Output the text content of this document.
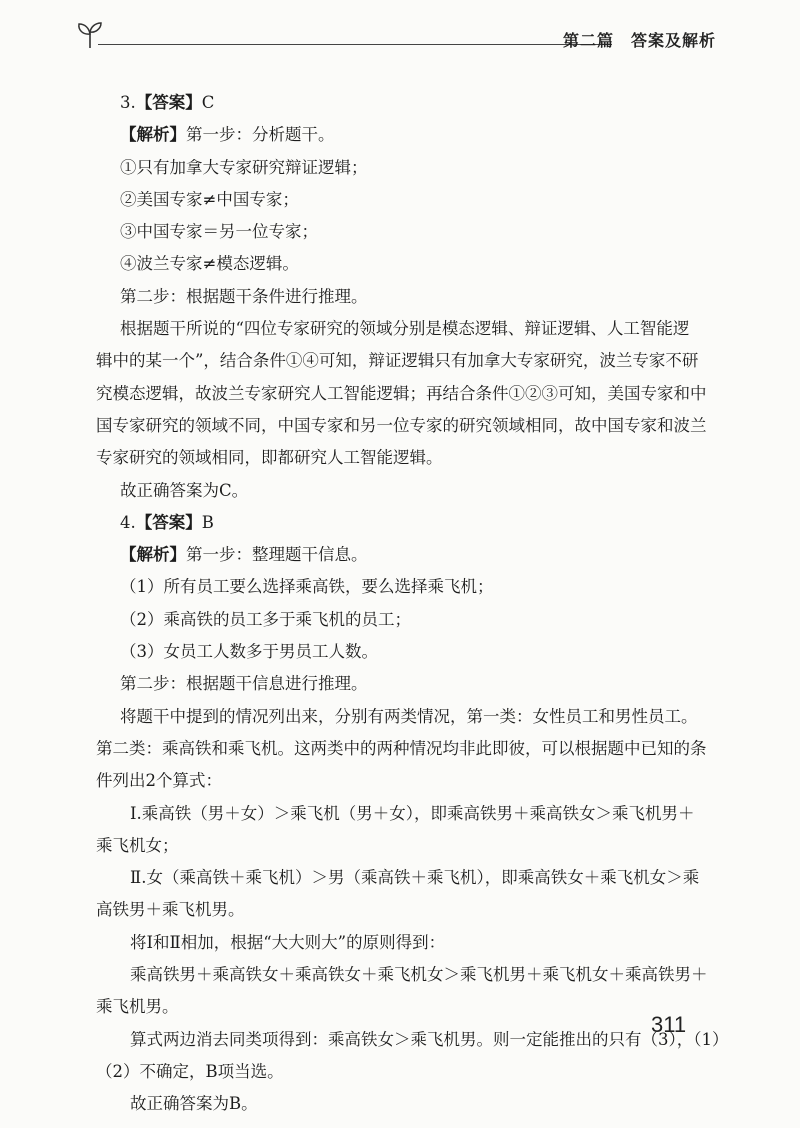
第二篇　答案及解析
3.【答案】C
【解析】第一步：分析题干。
①只有加拿大专家研究辩证逻辑；
②美国专家≠中国专家；
③中国专家＝另一位专家；
④波兰专家≠模态逻辑。
第二步：根据题干条件进行推理。
根据题干所说的“四位专家研究的领域分别是模态逻辑、辩证逻辑、人工智能逻
辑中的某一个”，结合条件①④可知，辩证逻辑只有加拿大专家研究，波兰专家不研
究模态逻辑，故波兰专家研究人工智能逻辑；再结合条件①②③可知，美国专家和中
国专家研究的领域不同，中国专家和另一位专家的研究领域相同，故中国专家和波兰
专家研究的领域相同，即都研究人工智能逻辑。
故正确答案为C。
4.【答案】B
【解析】第一步：整理题干信息。
（1）所有员工要么选择乘高铁，要么选择乘飞机；
（2）乘高铁的员工多于乘飞机的员工；
（3）女员工人数多于男员工人数。
第二步：根据题干信息进行推理。
将题干中提到的情况列出来，分别有两类情况，第一类：女性员工和男性员工。
第二类：乘高铁和乘飞机。这两类中的两种情况均非此即彼，可以根据题中已知的条
件列出2个算式：
Ⅰ.乘高铁（男＋女）＞乘飞机（男＋女），即乘高铁男＋乘高铁女＞乘飞机男＋
乘飞机女；
Ⅱ.女（乘高铁＋乘飞机）＞男（乘高铁＋乘飞机），即乘高铁女＋乘飞机女＞乘
高铁男＋乘飞机男。
将Ⅰ和Ⅱ相加，根据“大大则大”的原则得到：
乘高铁男＋乘高铁女＋乘高铁女＋乘飞机女＞乘飞机男＋乘飞机女＋乘高铁男＋
乘飞机男。
算式两边消去同类项得到：乘高铁女＞乘飞机男。则一定能推出的只有（3），（1）
（2）不确定，B项当选。
故正确答案为B。
311
